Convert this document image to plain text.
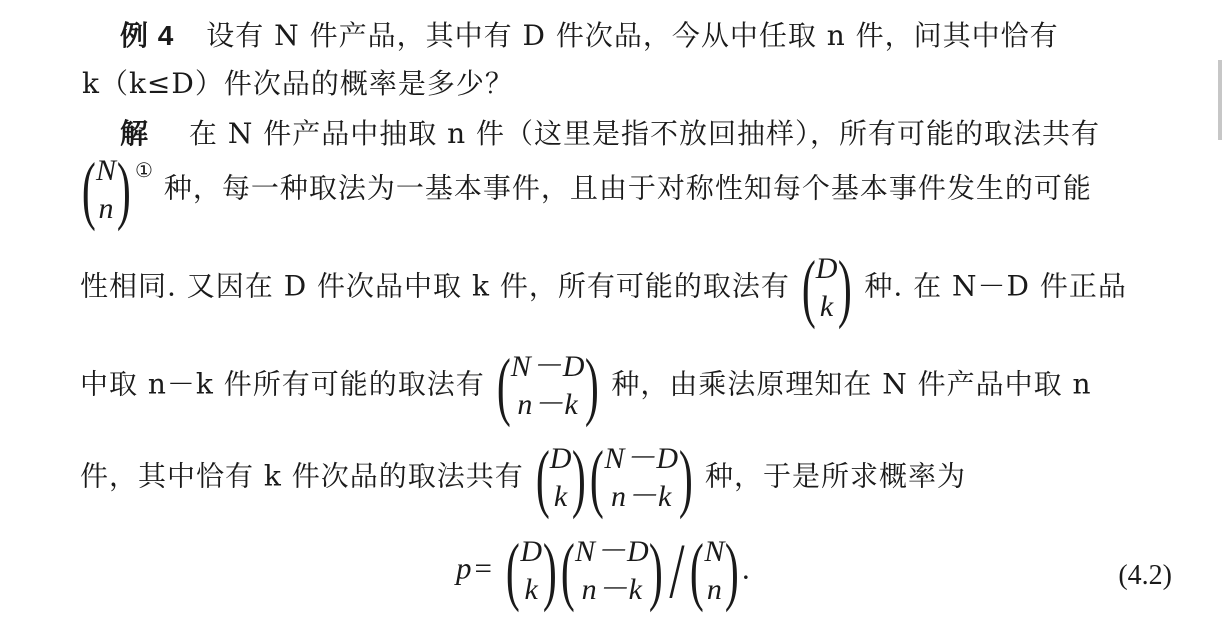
例 4 设有 N 件产品，其中有 D 件次品，今从中任取 n 件，问其中恰有
k（k≤D）件次品的概率是多少？
解 在 N 件产品中抽取 n 件（这里是指不放回抽样），所有可能的取法共有
( N
n ) ① 种，每一种取法为一基本事件，且由于对称性知每个基本事件发生的可能
性相同. 又因在 D 件次品中取 k 件，所有可能的取法有 ( D
k ) 种. 在 N－D 件正品
中取 n－k 件所有可能的取法有 ( N－D
n－k ) 种，由乘法原理知在 N 件产品中取 n
件，其中恰有 k 件次品的取法共有 ( D
k ) ( N－D
n－k ) 种，于是所求概率为
p= ( D
k ) ( N－D
n－k ) / ( N
n ) .	(4.2)
